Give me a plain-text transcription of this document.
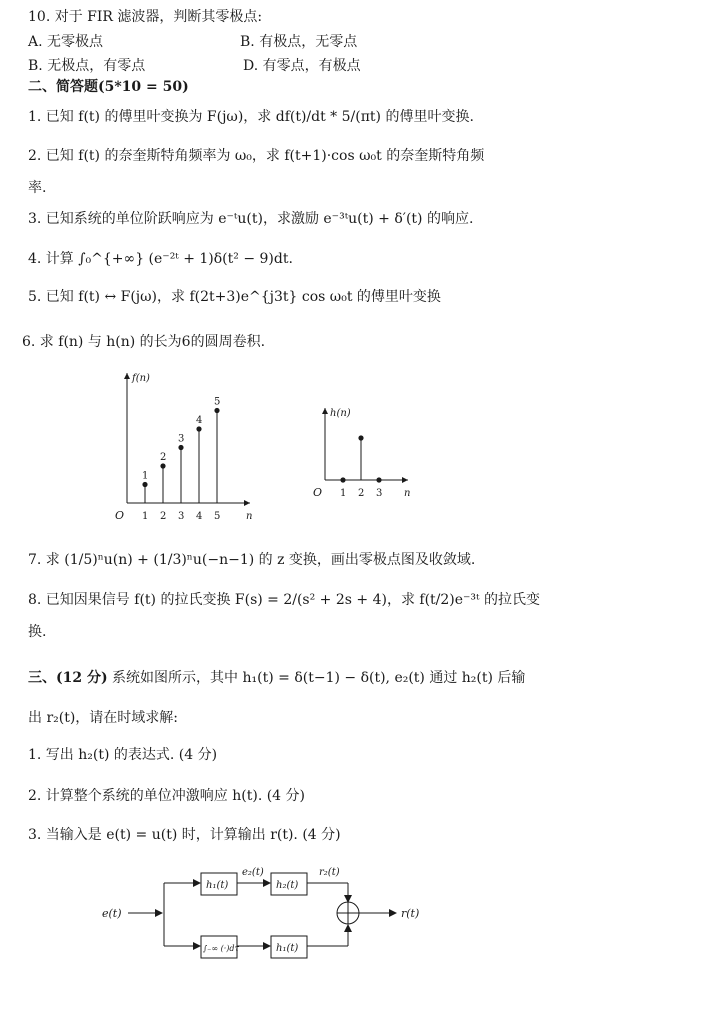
10. 对于 FIR 滤波器，判断其零极点:
A. 无零极点	B. 有极点，无零点
B. 无极点，有零点	D. 有零点，有极点
二、简答题(5*10 = 50)
1. 已知 f(t) 的傅里叶变换为 F(jω)，求 df(t)/dt * 5/(πt) 的傅里叶变换.
2. 已知 f(t) 的奈奎斯特角频率为 ω₀，求 f(t+1)·cos ω₀t 的奈奎斯特角频
率.
3. 已知系统的单位阶跃响应为 e⁻ᵗu(t)，求激励 e⁻³ᵗu(t) + δ′(t) 的响应.
4. 计算 ∫₀^{+∞} (e⁻²ᵗ + 1)δ(t² − 9)dt.
5. 已知 f(t) ↔ F(jω)，求 f(2t+3)e^{j3t} cos ω₀t 的傅里叶变换
6. 求 f(n) 与 h(n) 的长为6的圆周卷积.
f(n)
n
O 1
1
2
2
3
3
4
4
5
5
h(n)
n
O 1 2 3
7. 求 (1/5)ⁿu(n) + (1/3)ⁿu(−n−1) 的 z 变换，画出零极点图及收敛域.
8. 已知因果信号 f(t) 的拉氏变换 F(s) = 2/(s² + 2s + 4)，求 f(t/2)e⁻³ᵗ 的拉氏变
换.
三、(12 分) 系统如图所示，其中 h₁(t) = δ(t−1) − δ(t), e₂(t) 通过 h₂(t) 后输
出 r₂(t)，请在时域求解:
1. 写出 h₂(t) 的表达式. (4 分)
2. 计算整个系统的单位冲激响应 h(t). (4 分)
3. 当输入是 e(t) = u(t) 时，计算输出 r(t). (4 分)
e(t)	r(t)
h₁(t)	h₂(t)
∫₋∞ (·)dτ	h₁(t)
e₂(t)	r₂(t)
